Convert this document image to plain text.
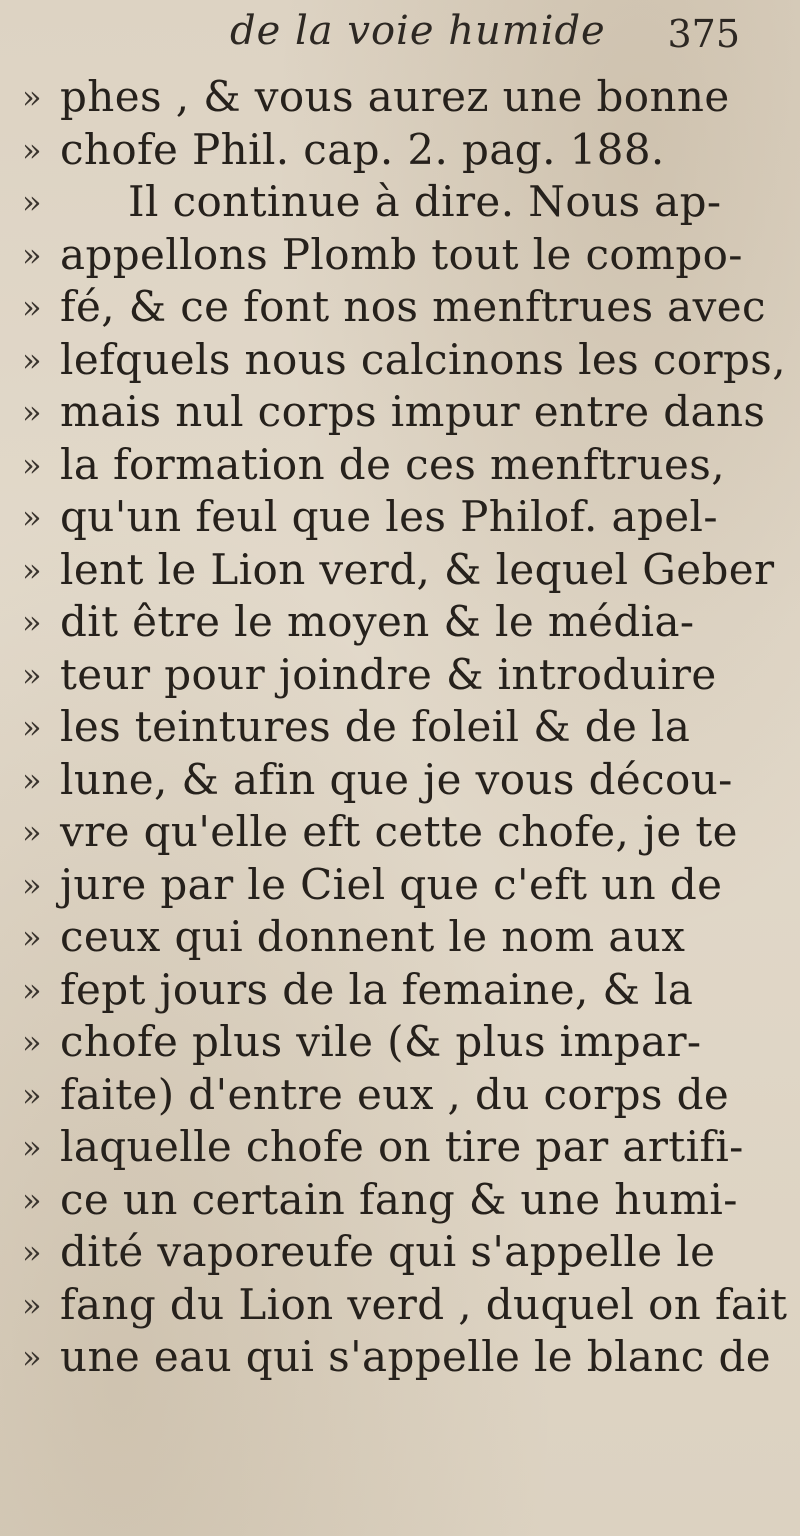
de la voie humide 375
» phes , & vous aurez une bonne
» chofe Phil. cap. 2. pag. 188.
» Il continue à dire. Nous ap-
» appellons Plomb tout le compo-
» fé, & ce font nos menftrues avec
» lefquels nous calcinons les corps,
» mais nul corps impur entre dans
» la formation de ces menftrues,
» qu'un feul que les Philof. apel-
» lent le Lion verd, & lequel Geber
» dit être le moyen & le média-
» teur pour joindre & introduire
» les teintures de foleil & de la
» lune, & afin que je vous décou-
» vre qu'elle eft cette chofe, je te
» jure par le Ciel que c'eft un de
» ceux qui donnent le nom aux
» fept jours de la femaine, & la
» chofe plus vile (& plus impar-
» faite) d'entre eux , du corps de
» laquelle chofe on tire par artifi-
» ce un certain fang & une humi-
» dité vaporeufe qui s'appelle le
» fang du Lion verd , duquel on fait
» une eau qui s'appelle le blanc de
